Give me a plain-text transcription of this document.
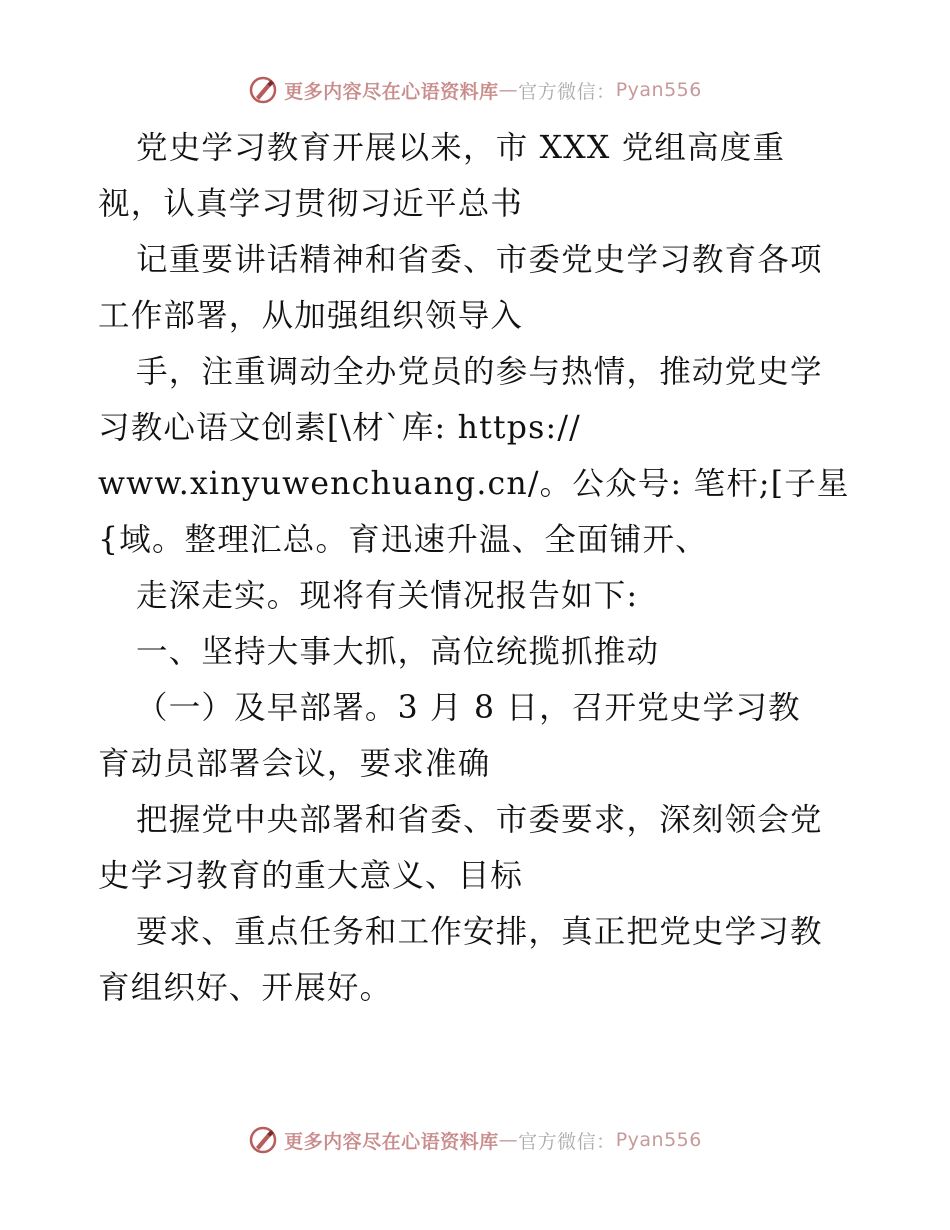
更多内容尽在心语资料库 — 官方微信： Pyan556
党史学习教育开展以来，市 XXX 党组高度重
视，认真学习贯彻习近平总书
记重要讲话精神和省委、市委党史学习教育各项
工作部署，从加强组织领导入
手，注重调动全办党员的参与热情，推动党史学
习教心语文创素[\材`库: https://
www.xinyuwenchuang.cn/。公众号: 笔杆;[子星
{域。整理汇总。育迅速升温、全面铺开、
走深走实。现将有关情况报告如下:
一、坚持大事大抓，高位统揽抓推动
（一）及早部署。3 月 8 日，召开党史学习教
育动员部署会议，要求准确
把握党中央部署和省委、市委要求，深刻领会党
史学习教育的重大意义、目标
要求、重点任务和工作安排，真正把党史学习教
育组织好、开展好。
更多内容尽在心语资料库 — 官方微信： Pyan556
